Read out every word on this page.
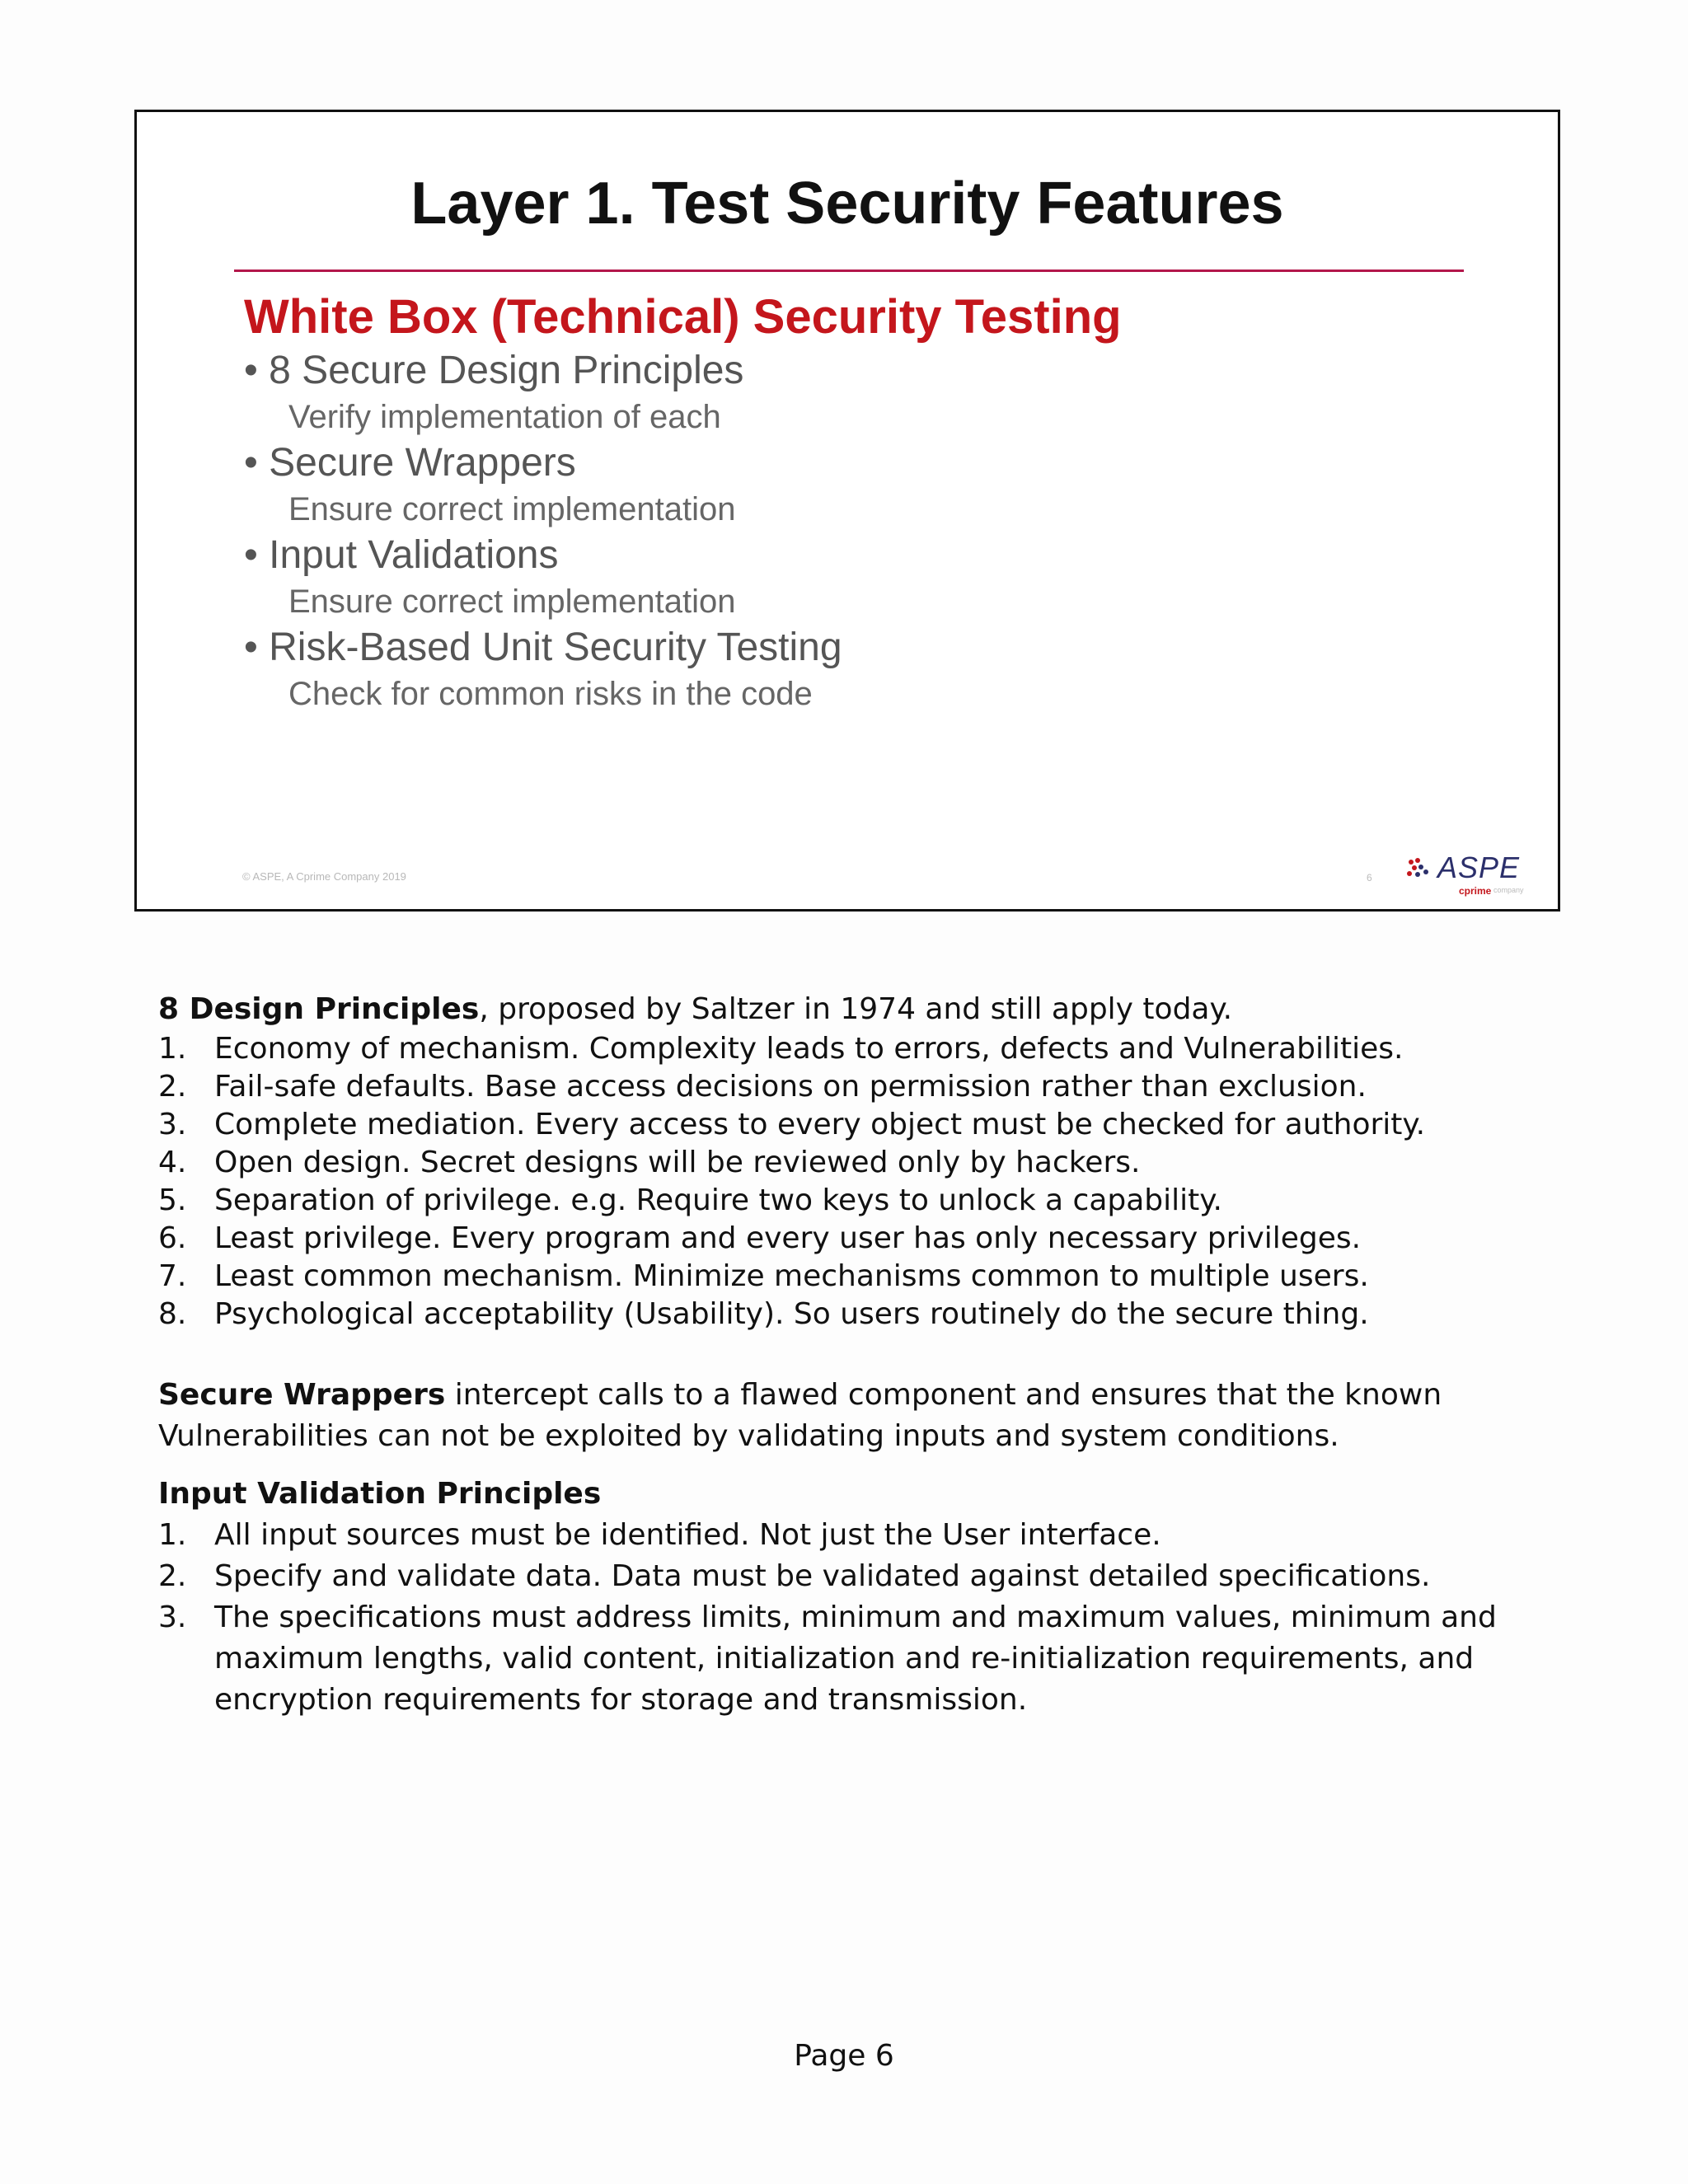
Layer 1. Test Security Features
White Box (Technical) Security Testing
• 8 Secure Design Principles
Verify implementation of each
• Secure Wrappers
Ensure correct implementation
• Input Validations
Ensure correct implementation
• Risk-Based Unit Security Testing
Check for common risks in the code
© ASPE, A Cprime Company 2019	6 ASPE
cprime company

8 Design Principles, proposed by Saltzer in 1974 and still apply today.

1. Economy of mechanism. Complexity leads to errors, defects and Vulnerabilities.
2. Fail-safe defaults. Base access decisions on permission rather than exclusion.
3. Complete mediation. Every access to every object must be checked for authority.
4. Open design. Secret designs will be reviewed only by hackers.
5. Separation of privilege. e.g. Require two keys to unlock a capability.
6. Least privilege. Every program and every user has only necessary privileges.
7. Least common mechanism. Minimize mechanisms common to multiple users.
8. Psychological acceptability (Usability). So users routinely do the secure thing.

Secure Wrappers intercept calls to a flawed component and ensures that the known Vulnerabilities can not be exploited by validating inputs and system conditions.

Input Validation Principles

1. All input sources must be identified. Not just the User interface.
2. Specify and validate data. Data must be validated against detailed specifications.
3. The specifications must address limits, minimum and maximum values, minimum and maximum lengths, valid content, initialization and re-initialization requirements, and encryption requirements for storage and transmission.
Page 6
